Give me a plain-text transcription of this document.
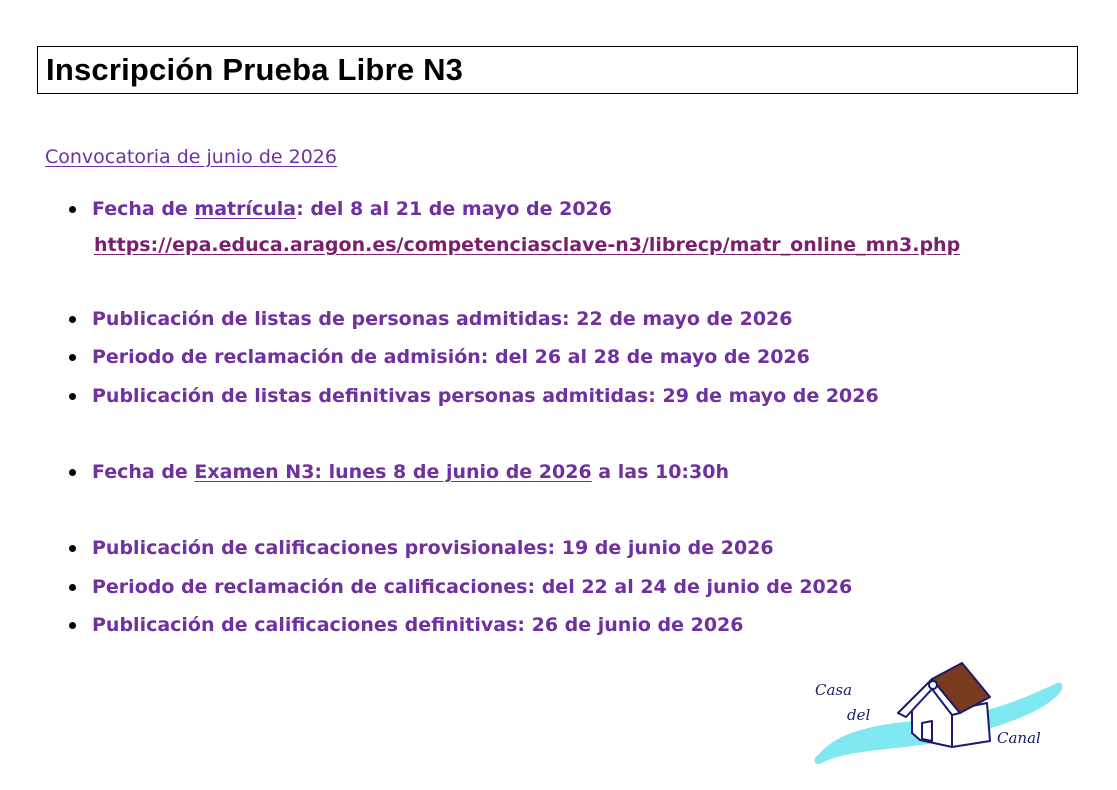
Inscripción Prueba Libre N3
Convocatoria de junio de 2026
Fecha de matrícula: del 8 al 21 de mayo de 2026
https://epa.educa.aragon.es/competenciasclave-n3/librecp/matr_online_mn3.php
Publicación de listas de personas admitidas: 22 de mayo de 2026
Periodo de reclamación de admisión: del 26 al 28 de mayo de 2026
Publicación de listas definitivas personas admitidas: 29 de mayo de 2026
Fecha de Examen N3: lunes 8 de junio de 2026 a las 10:30h
Publicación de calificaciones provisionales: 19 de junio de 2026
Periodo de reclamación de calificaciones: del 22 al 24 de junio de 2026
Publicación de calificaciones definitivas: 26 de junio de 2026
Casa
del
Canal
